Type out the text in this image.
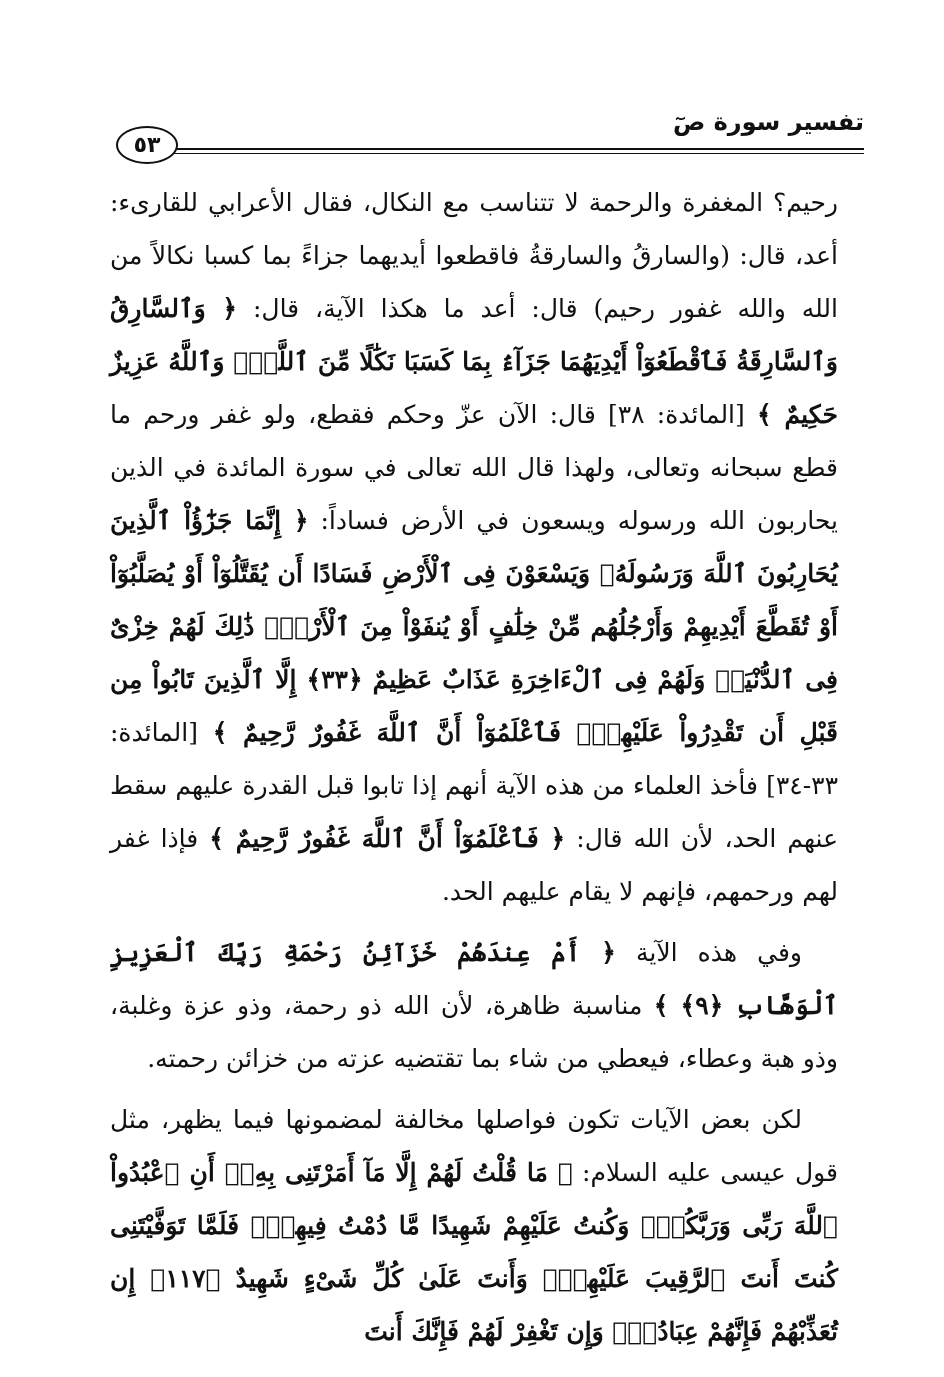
تفسير سورة صٓ
٥٣

رحيم؟ المغفرة والرحمة لا تتناسب مع النكال، فقال الأعرابي للقارىء: أعد، قال: (والسارقُ والسارقةُ فاقطعوا أيديهما جزاءً بما كسبا نكالاً من الله والله غفور رحيم) قال: أعد ما هكذا الآية، قال: ﴿ وَٱلسَّارِقُ وَٱلسَّارِقَةُ فَٱقْطَعُوٓاْ أَيْدِيَهُمَا جَزَآءَۢ بِمَا كَسَبَا نَكَٰلًا مِّنَ ٱللَّهِۗ وَٱللَّهُ عَزِيزٌ حَكِيمٌ ﴾ [المائدة: ٣٨] قال: الآن عزّ وحكم فقطع، ولو غفر ورحم ما قطع سبحانه وتعالى، ولهذا قال الله تعالى في سورة المائدة في الذين يحاربون الله ورسوله ويسعون في الأرض فساداً: ﴿ إِنَّمَا جَزَٰٓؤُاْ ٱلَّذِينَ يُحَارِبُونَ ٱللَّهَ وَرَسُولَهُۥ وَيَسْعَوْنَ فِى ٱلْأَرْضِ فَسَادًا أَن يُقَتَّلُوٓاْ أَوْ يُصَلَّبُوٓاْ أَوْ تُقَطَّعَ أَيْدِيهِمْ وَأَرْجُلُهُم مِّنْ خِلَٰفٍ أَوْ يُنفَوْاْ مِنَ ٱلْأَرْضِۚ ذَٰلِكَ لَهُمْ خِزْىٌ فِى ٱلدُّنْيَاۖ وَلَهُمْ فِى ٱلْءَاخِرَةِ عَذَابٌ عَظِيمٌ ﴿٣٣﴾ إِلَّا ٱلَّذِينَ تَابُواْ مِن قَبْلِ أَن تَقْدِرُواْ عَلَيْهِمْۖ فَٱعْلَمُوٓاْ أَنَّ ٱللَّهَ غَفُورٌ رَّحِيمٌ ﴾ [المائدة: ٣٣-٣٤] فأخذ العلماء من هذه الآية أنهم إذا تابوا قبل القدرة عليهم سقط عنهم الحد، لأن الله قال: ﴿ فَٱعْلَمُوٓاْ أَنَّ ٱللَّهَ غَفُورٌ رَّحِيمٌ ﴾ فإذا غفر لهم ورحمهم، فإنهم لا يقام عليهم الحد.

وفي هذه الآية ﴿ أَمْ عِندَهُمْ خَزَآئِنُ رَحْمَةِ رَبِّكَ ٱلْعَزِيزِ ٱلْوَهَّابِ ﴿٩﴾ ﴾ مناسبة ظاهرة، لأن الله ذو رحمة، وذو عزة وغلبة، وذو هبة وعطاء، فيعطي من شاء بما تقتضيه عزته من خزائن رحمته.

لكن بعض الآيات تكون فواصلها مخالفة لمضمونها فيما يظهر، مثل قول عيسى عليه السلام: ﴿ مَا قُلْتُ لَهُمْ إِلَّا مَآ أَمَرْتَنِى بِهِۦٓ أَنِ ٱعْبُدُواْ ٱللَّهَ رَبِّى وَرَبَّكُمْۚ وَكُنتُ عَلَيْهِمْ شَهِيدًا مَّا دُمْتُ فِيهِمْۖ فَلَمَّا تَوَفَّيْتَنِى كُنتَ أَنتَ ٱلرَّقِيبَ عَلَيْهِمْۚ وَأَنتَ عَلَىٰ كُلِّ شَىْءٍ شَهِيدٌ ﴿١١٧﴾ إِن تُعَذِّبْهُمْ فَإِنَّهُمْ عِبَادُكَۖ وَإِن تَغْفِرْ لَهُمْ فَإِنَّكَ أَنتَ
